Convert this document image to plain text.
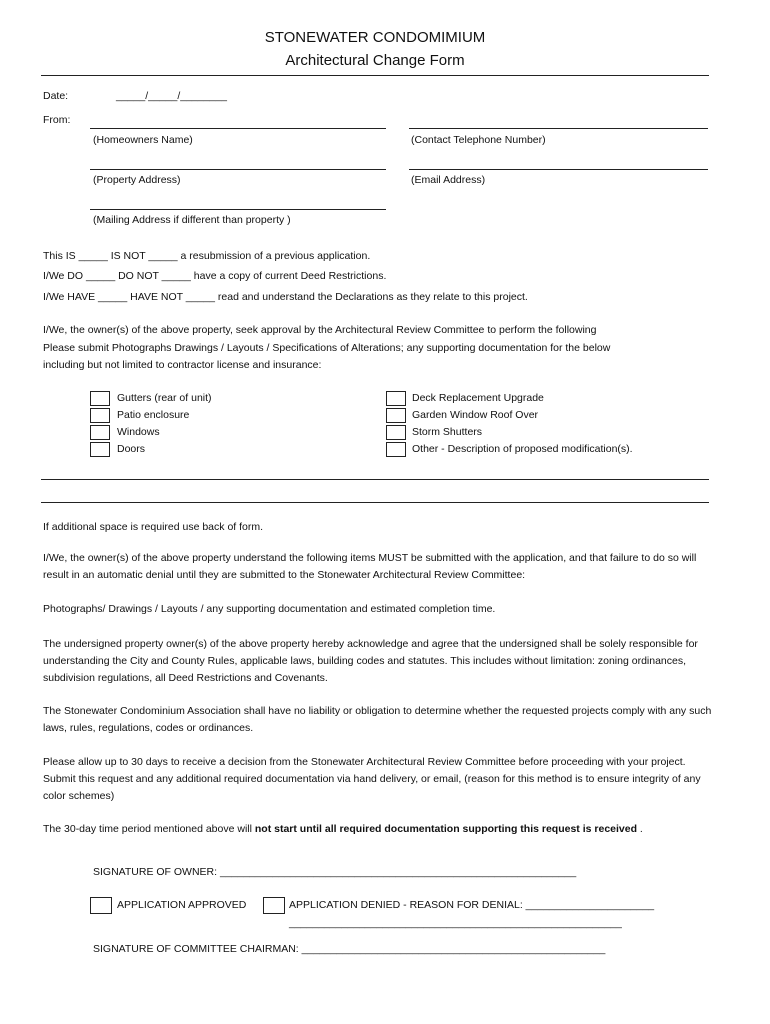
STONEWATER CONDOMIMIUM
Architectural Change Form
Date:	_____/_____/________
From:
(Homeowners Name)	(Contact Telephone Number)
(Property Address)	(Email Address)
(Mailing Address if different than property )
This IS _____ IS NOT _____ a resubmission of a previous application.
I/We DO _____ DO NOT _____ have a copy of current Deed Restrictions.
I/We HAVE _____ HAVE NOT _____ read and understand the Declarations as they relate to this project.
I/We, the owner(s) of the above property, seek approval by the Architectural Review Committee to perform the following
Please submit Photographs Drawings / Layouts / Specifications of Alterations; any supporting documentation for the below
including but not limited to contractor license and insurance:
Gutters (rear of unit)
Patio enclosure
Windows
Doors
Deck Replacement Upgrade
Garden Window Roof Over
Storm Shutters
Other - Description of proposed modification(s).
If additional space is required use back of form.
I/We, the owner(s) of the above property understand the following items MUST be submitted with the application, and that failure to do so will result in an automatic denial until they are submitted to the Stonewater Architectural Review Committee:
Photographs/ Drawings / Layouts / any supporting documentation and estimated completion time.
The undersigned property owner(s) of the above property hereby acknowledge and agree that the undersigned shall be solely responsible for understanding the City and County Rules, applicable laws, building codes and statutes. This includes without limitation: zoning ordinances, subdivision regulations, all Deed Restrictions and Covenants.
The Stonewater Condominium Association shall have no liability or obligation to determine whether the requested projects comply with any such laws, rules, regulations, codes or ordinances.
Please allow up to 30 days to receive a decision from the Stonewater Architectural Review Committee before proceeding with your project. Submit this request and any additional required documentation via hand delivery, or email, (reason for this method is to ensure integrity of any color schemes)
The 30-day time period mentioned above will not start until all required documentation supporting this request is received .
SIGNATURE OF OWNER: _____________________________________________________________
APPLICATION APPROVED	APPLICATION DENIED - REASON FOR DENIAL: ______________________
_________________________________________________________
SIGNATURE OF COMMITTEE CHAIRMAN: ____________________________________________________
